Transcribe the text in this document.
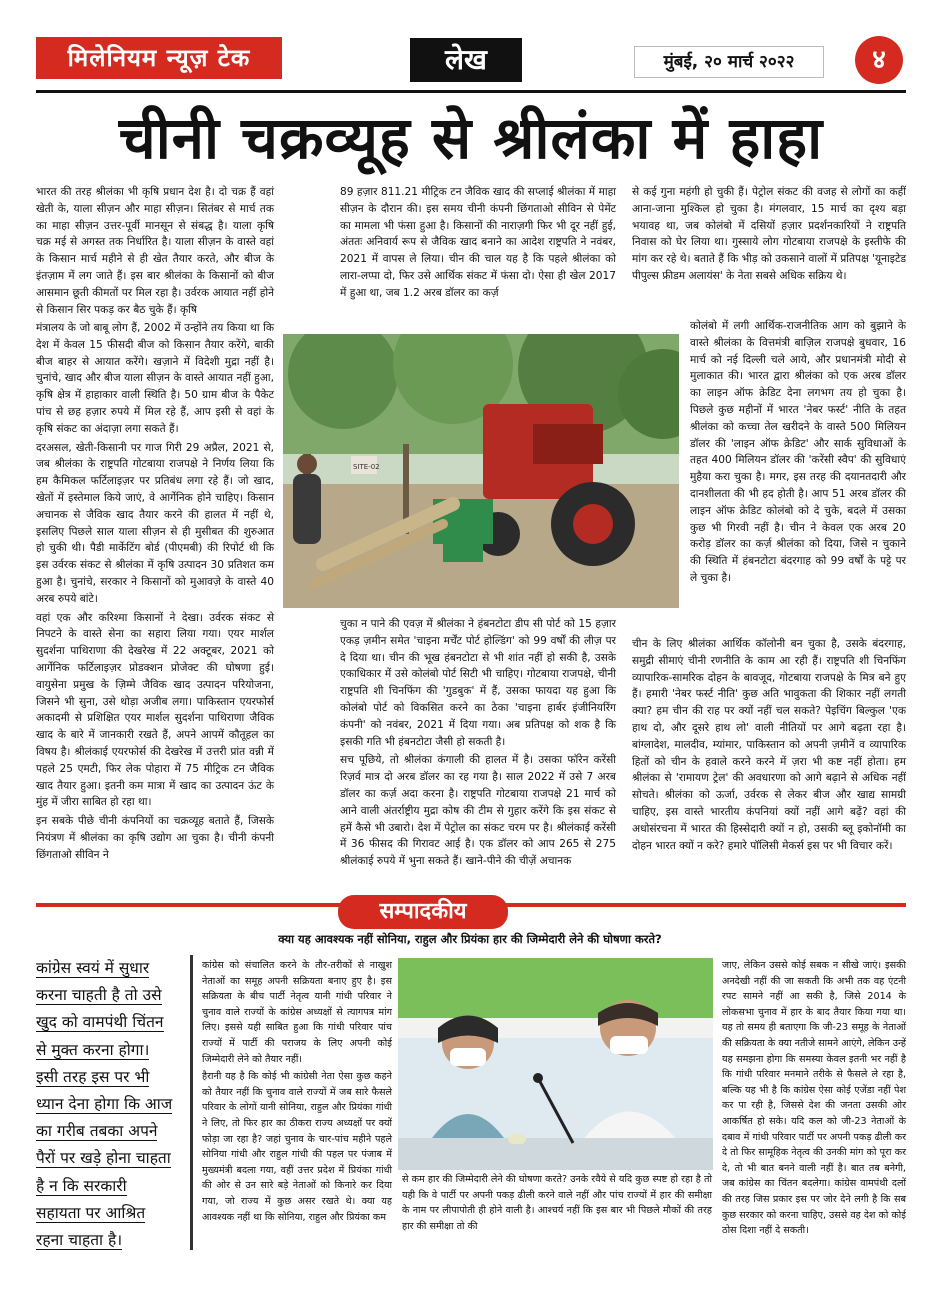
मिलेनियम न्यूज़ टेक	लेख	मुंबई, २० मार्च २०२२	४
चीनी चक्रव्यूह से श्रीलंका में हाहा

भारत की तरह श्रीलंका भी कृषि प्रधान देश है। दो चक्र हैं वहां खेती के, याला सीज़न और माहा सीज़न। सितंबर से मार्च तक का माहा सीज़न उत्तर-पूर्वी मानसून से संबद्ध है। याला कृषि चक्र मई से अगस्त तक निर्धारित है। याला सीज़न के वास्ते वहां के किसान मार्च महीने से ही खेत तैयार करते, और बीज के इंतज़ाम में लग जाते हैं। इस बार श्रीलंका के किसानों को बीज आसमान छूती कीमतों पर मिल रहा है। उर्वरक आयात नहीं होने से किसान सिर पकड़ कर बैठ चुके हैं। कृषि

मंत्रालय के जो बाबू लोग हैं, 2002 में उन्होंने तय किया था कि देश में केवल 15 फीसदी बीज को किसान तैयार करेंगे, बाकी बीज बाहर से आयात करेंगे। खज़ाने में विदेशी मुद्रा नहीं है। चुनांचे, खाद और बीज याला सीज़न के वास्ते आयात नहीं हुआ, कृषि क्षेत्र में हाहाकार वाली स्थिति है। 50 ग्राम बीज के पैकेट पांच से छह हज़ार रुपये में मिल रहे हैं, आप इसी से वहां के कृषि संकट का अंदाज़ा लगा सकते हैं।

दरअसल, खेती-किसानी पर गाज गिरी 29 अप्रैल, 2021 से, जब श्रीलंका के राष्ट्रपति गोटबाया राजपक्षे ने निर्णय लिया कि हम कैमिकल फर्टिलाइज़र पर प्रतिबंध लगा रहे हैं। जो खाद, खेतों में इस्तेमाल किये जाएं, वे आर्गेनिक होने चाहिए। किसान अचानक से जैविक खाद तैयार करने की हालत में नहीं थे, इसलिए पिछले साल याला सीज़न से ही मुसीबत की शुरुआत हो चुकी थी। पैडी मार्केटिंग बोर्ड (पीएमबी) की रिपोर्ट थी कि इस उर्वरक संकट से श्रीलंका में कृषि उत्पादन 30 प्रतिशत कम हुआ है। चुनांचे, सरकार ने किसानों को मुआवज़े के वास्ते 40 अरब रुपये बांटे।

वहां एक और करिश्मा किसानों ने देखा। उर्वरक संकट से निपटने के वास्ते सेना का सहारा लिया गया। एयर मार्शल सुदर्शना पाथिराणा की देखरेख में 22 अक्टूबर, 2021 को आर्गेनिक फर्टिलाइज़र प्रोडक्शन प्रोजेक्ट की घोषणा हुई। वायुसेना प्रमुख के ज़िम्मे जैविक खाद उत्पादन परियोजना, जिसने भी सुना, उसे थोड़ा अजीब लगा। पाकिस्तान एयरफोर्स अकादमी से प्रशिक्षित एयर मार्शल सुदर्शना पाथिराणा जैविक खाद के बारे में जानकारी रखते हैं, अपने आपमें कौतूहल का विषय है। श्रीलंकाई एयरफोर्स की देखरेख में उत्तरी प्रांत वन्नी में पहले 25 एमटी, फिर लेक पोहारा में 75 मीट्रिक टन जैविक खाद तैयार हुआ। इतनी कम मात्रा में खाद का उत्पादन ऊंट के मुंह में जीरा साबित हो रहा था।

इन सबके पीछे चीनी कंपनियों का चक्रव्यूह बताते हैं, जिसके नियंत्रण में श्रीलंका का कृषि उद्योग आ चुका है। चीनी कंपनी छिंगताओ सीविन ने

89 हज़ार 811.21 मीट्रिक टन जैविक खाद की सप्लाई श्रीलंका में माहा सीज़न के दौरान की। इस समय चीनी कंपनी छिंगताओ सीविन से पेमेंट का मामला भी फंसा हुआ है। किसानों की नाराज़गी फिर भी दूर नहीं हुई, अंततः अनिवार्य रूप से जैविक खाद बनाने का आदेश राष्ट्रपति ने नवंबर, 2021 में वापस ले लिया। चीन की चाल यह है कि पहले श्रीलंका को लारा-लप्पा दो, फिर उसे आर्थिक संकट में फंसा दो। ऐसा ही खेल 2017 में हुआ था, जब 1.2 अरब डॉलर का कर्ज़

चुका न पाने की एवज़ में श्रीलंका ने हंबनटोटा डीप सी पोर्ट को 15 हज़ार एकड़ ज़मीन समेत 'चाइना मर्चेंट पोर्ट होल्डिंग' को 99 वर्षों की लीज़ पर दे दिया था। चीन की भूख हंबनटोटा से भी शांत नहीं हो सकी है, उसके एकाधिकार में उसे कोलंबो पोर्ट सिटी भी चाहिए। गोटबाया राजपक्षे, चीनी राष्ट्रपति शी चिनफिंग की 'गुडबुक' में हैं, उसका फायदा यह हुआ कि कोलंबो पोर्ट को विकसित करने का ठेका 'चाइना हार्बर इंजीनियरिंग कंपनी' को नवंबर, 2021 में दिया गया। अब प्रतिपक्ष को शक है कि इसकी गति भी हंबनटोटा जैसी हो सकती है।

सच पूछिये, तो श्रीलंका कंगाली की हालत में है। उसका फॉरेन करेंसी रिज़र्व मात्र दो अरब डॉलर का रह गया है। साल 2022 में उसे 7 अरब डॉलर का कर्ज़ अदा करना है। राष्ट्रपति गोटबाया राजपक्षे 21 मार्च को आने वाली अंतर्राष्ट्रीय मुद्रा कोष की टीम से गुहार करेंगे कि इस संकट से हमें कैसे भी उबारो। देश में पेट्रोल का संकट चरम पर है। श्रीलंकाई करेंसी में 36 फीसद की गिरावट आई है। एक डॉलर को आप 265 से 275 श्रीलंकाई रुपये में भुना सकते हैं। खाने-पीने की चीज़ें अचानक

से कई गुना महंगी हो चुकी हैं। पेट्रोल संकट की वजह से लोगों का कहीं आना-जाना मुश्किल हो चुका है। मंगलवार, 15 मार्च का दृश्य बड़ा भयावह था, जब कोलंबो में दसियों हज़ार प्रदर्शनकारियों ने राष्ट्रपति निवास को घेर लिया था। गुस्साये लोग गोटबाया राजपक्षे के इस्तीफे की मांग कर रहे थे। बताते हैं कि भीड़ को उकसाने वालों में प्रतिपक्ष 'यूनाइटेड पीपुल्स फ्रीडम अलायंस' के नेता सबसे अधिक सक्रिय थे।

कोलंबो में लगी आर्थिक-राजनीतिक आग को बुझाने के वास्ते श्रीलंका के वित्तमंत्री बाज़िल राजपक्षे बुधवार, 16 मार्च को नई दिल्ली चले आये, और प्रधानमंत्री मोदी से मुलाकात की। भारत द्वारा श्रीलंका को एक अरब डॉलर का लाइन ऑफ क्रेडिट देना लगभग तय हो चुका है। पिछले कुछ महीनों में भारत 'नेबर फर्स्ट' नीति के तहत श्रीलंका को कच्चा तेल खरीदने के वास्ते 500 मिलियन डॉलर की 'लाइन ऑफ क्रेडिट' और सार्क सुविधाओं के तहत 400 मिलियन डॉलर की 'करेंसी स्वैप' की सुविधाएं मुहैया करा चुका है। मगर, इस तरह की दयानतदारी और दानशीलता की भी हद होती है। आप 51 अरब डॉलर की लाइन ऑफ क्रेडिट कोलंबो को दे चुके, बदले में उसका कुछ भी गिरवी नहीं है। चीन ने केवल एक अरब 20 करोड़ डॉलर का कर्ज़ श्रीलंका को दिया, जिसे न चुकाने की स्थिति में हंबनटोटा बंदरगाह को 99 वर्षों के पट्टे पर ले चुका है।

चीन के लिए श्रीलंका आर्थिक कॉलोनी बन चुका है, उसके बंदरगाह, समुद्री सीमाएं चीनी रणनीति के काम आ रही हैं। राष्ट्रपति शी चिनफिंग व्यापारिक-सामरिक दोहन के बावजूद, गोटबाया राजपक्षे के मित्र बने हुए हैं। हमारी 'नेबर फर्स्ट नीति' कुछ अति भावुकता की शिकार नहीं लगती क्या? हम चीन की राह पर क्यों नहीं चल सकते? पेइचिंग बिल्कुल 'एक हाथ दो, और दूसरे हाथ लो' वाली नीतियों पर आगे बढ़ता रहा है। बांग्लादेश, मालदीव, म्यांमार, पाकिस्तान को अपनी ज़मीनें व व्यापारिक हितों को चीन के हवाले करने करने में ज़रा भी कष्ट नहीं होता। हम श्रीलंका से 'रामायण ट्रेल' की अवधारणा को आगे बढ़ाने से अधिक नहीं सोचते। श्रीलंका को ऊर्जा, उर्वरक से लेकर बीज और खाद्य सामग्री चाहिए, इस वास्ते भारतीय कंपनियां क्यों नहीं आगे बढ़ें? वहां की अधोसंरचना में भारत की हिस्सेदारी क्यों न हो, उसकी ब्लू इकोनॉमी का दोहन भारत क्यों न करे? हमारे पॉलिसी मेकर्स इस पर भी विचार करें।

SITE-02
सम्पादकीय
क्या यह आवश्यक नहीं सोनिया, राहुल और प्रियंका हार की जिम्मेदारी लेने की घोषणा करते?
कांग्रेस स्वयं में सुधार
करना चाहती है तो उसे
खुद को वामपंथी चिंतन
से मुक्त करना होगा।
इसी तरह इस पर भी
ध्यान देना होगा कि आज
का गरीब तबका अपने
पैरों पर खड़े होना चाहता
है न कि सरकारी
सहायता पर आश्रित
रहना चाहता है।

कांग्रेस को संचालित करने के तौर-तरीकों से नाखुश नेताओं का समूह अपनी सक्रियता बनाए हुए है। इस सक्रियता के बीच पार्टी नेतृत्व यानी गांधी परिवार ने चुनाव वाले राज्यों के कांग्रेस अध्यक्षों से त्यागपत्र मांग लिए। इससे यही साबित हुआ कि गांधी परिवार पांच राज्यों में पार्टी की पराजय के लिए अपनी कोई जिम्मेदारी लेने को तैयार नहीं।

हैरानी यह है कि कोई भी कांग्रेसी नेता ऐसा कुछ कहने को तैयार नहीं कि चुनाव वाले राज्यों में जब सारे फैसले परिवार के लोगों यानी सोनिया, राहुल और प्रियंका गांधी ने लिए, तो फिर हार का ठीकरा राज्य अध्यक्षों पर क्यों फोड़ा जा रहा है? जहां चुनाव के चार-पांच महीने पहले सोनिया गांधी और राहुल गांधी की पहल पर पंजाब में मुख्यमंत्री बदला गया, वहीं उत्तर प्रदेश में प्रियंका गांधी की ओर से उन सारे बड़े नेताओं को किनारे कर दिया गया, जो राज्य में कुछ असर रखते थे। क्या यह आवश्यक नहीं था कि सोनिया, राहुल और प्रियंका कम

से कम हार की जिम्मेदारी लेने की घोषणा करते? उनके रवैये से यदि कुछ स्पष्ट हो रहा है तो यही कि वे पार्टी पर अपनी पकड़ ढीली करने वाले नहीं और पांच राज्यों में हार की समीक्षा के नाम पर लीपापोती ही होने वाली है। आश्चर्य नहीं कि इस बार भी पिछले मौकों की तरह हार की समीक्षा तो की

जाए, लेकिन उससे कोई सबक न सीखे जाएं। इसकी अनदेखी नहीं की जा सकती कि अभी तक वह एंटनी रपट सामने नहीं आ सकी है, जिसे 2014 के लोकसभा चुनाव में हार के बाद तैयार किया गया था। यह तो समय ही बताएगा कि जी-23 समूह के नेताओं की सक्रियता के क्या नतीजे सामने आएंगे, लेकिन उन्हें यह समझना होगा कि समस्या केवल इतनी भर नहीं है कि गांधी परिवार मनमाने तरीके से फैसले ले रहा है, बल्कि यह भी है कि कांग्रेस ऐसा कोई एजेंडा नहीं पेश कर पा रही है, जिससे देश की जनता उसकी ओर आकर्षित हो सके। यदि कल को जी-23 नेताओं के दबाव में गांधी परिवार पार्टी पर अपनी पकड़ ढीली कर दे तो फिर सामूहिक नेतृत्व की उनकी मांग को पूरा कर दे, तो भी बात बनने वाली नहीं है। बात तब बनेगी, जब कांग्रेस का चिंतन बदलेगा। कांग्रेस वामपंथी दलों की तरह जिस प्रकार इस पर जोर देने लगी है कि सब कुछ सरकार को करना चाहिए, उससे वह देश को कोई ठोस दिशा नहीं दे सकती।
